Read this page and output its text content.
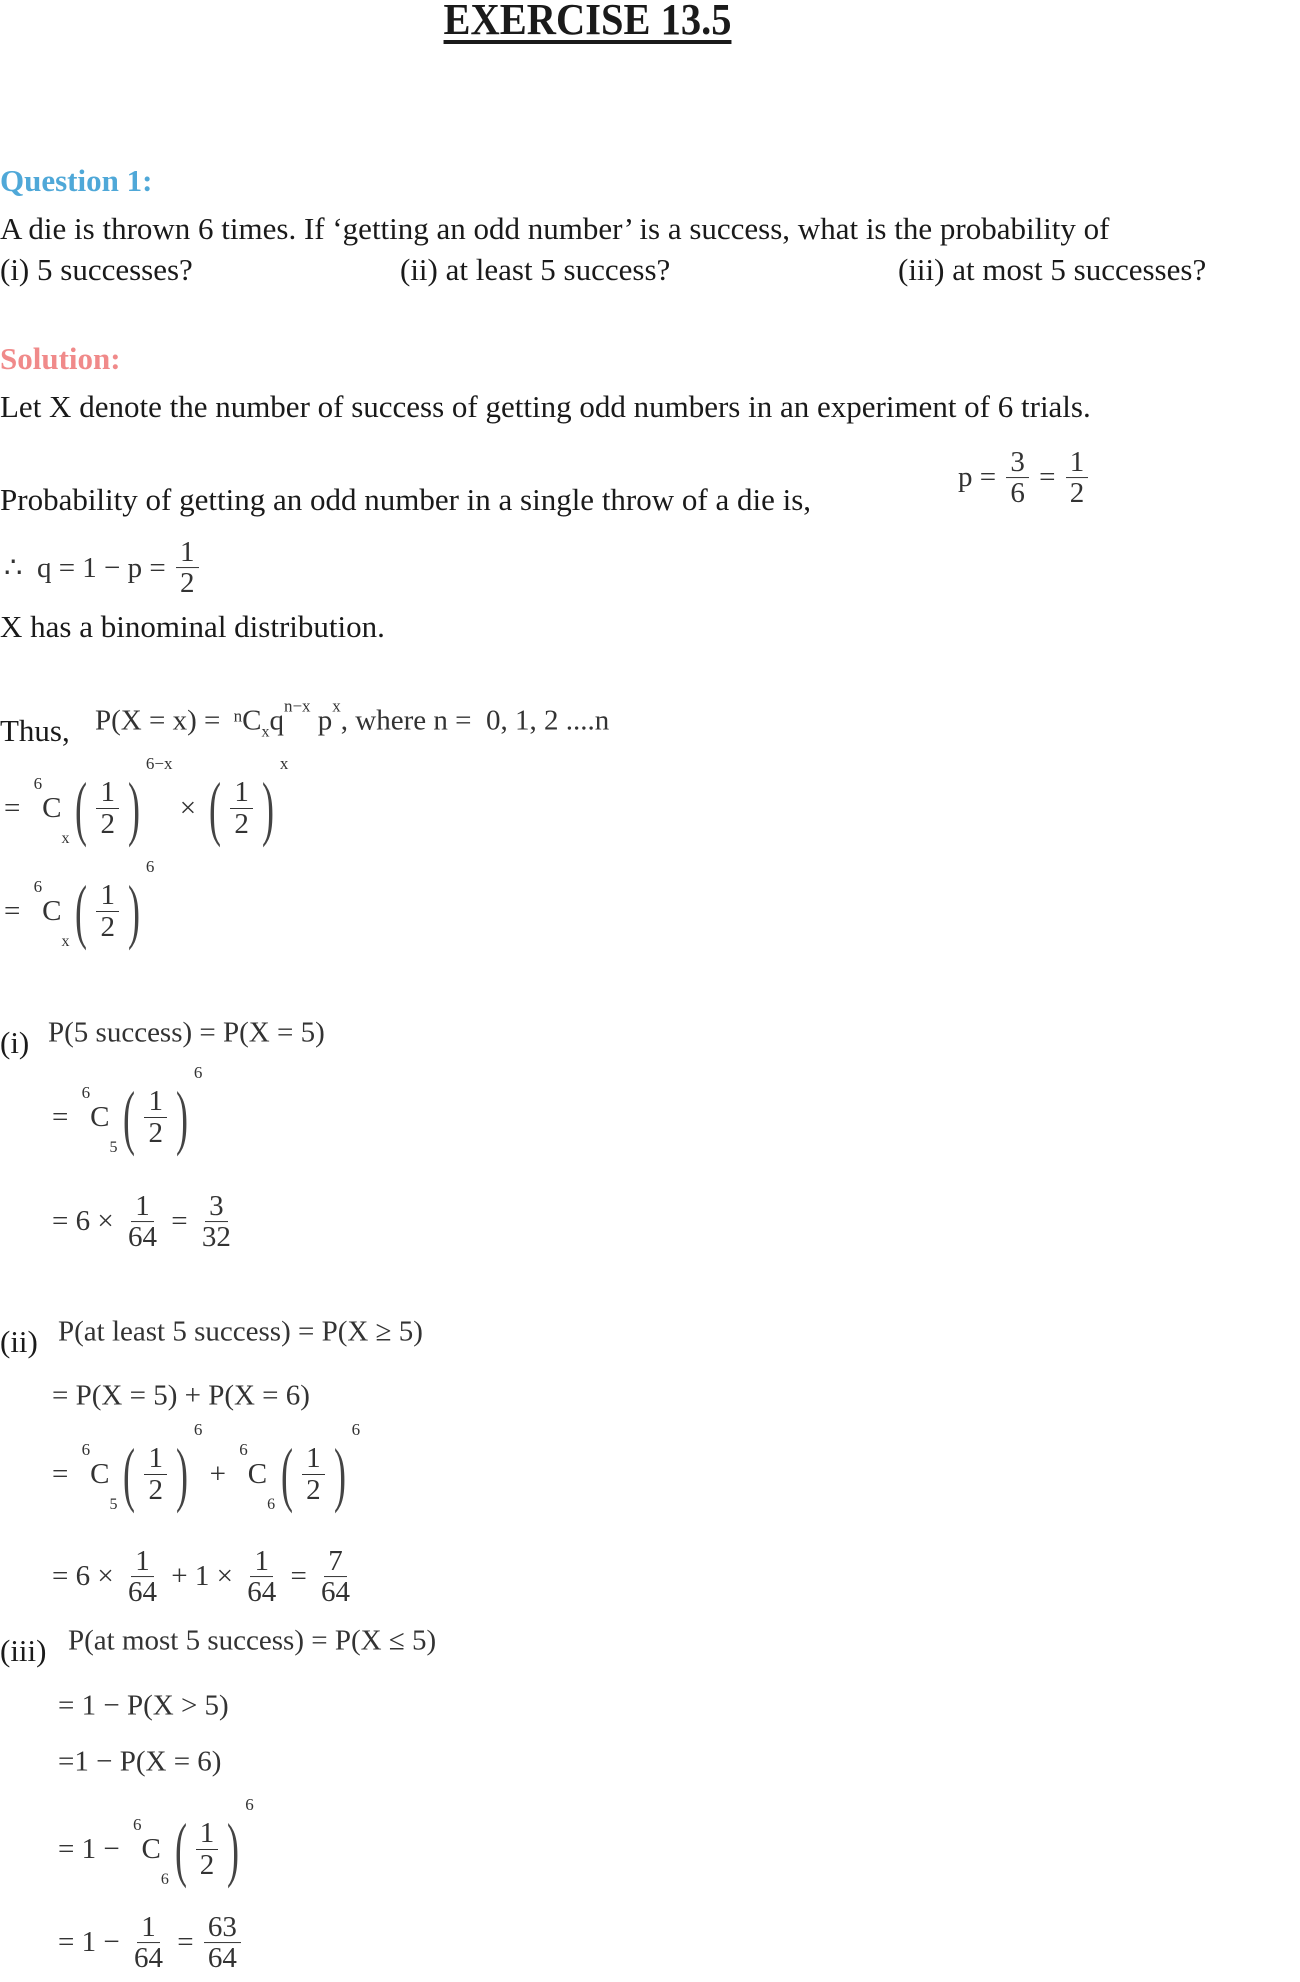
EXERCISE 13.5
Question 1:
A die is thrown 6 times. If ‘getting an odd number’ is a success, what is the probability of
(i) 5 successes?	(ii) at least 5 success?	(iii) at most 5 successes?
Solution:
Let X denote the number of success of getting odd numbers in an experiment of 6 trials.
Probability of getting an odd number in a single throw of a die is,
$p = \frac{3}{6} = \frac{1}{2}$
∴  $q = 1 - p = \frac{1}{2}$
X has a binominal distribution.
Thus, P(X = x) = n C x q n−x p x , where n =  0, 1, 2 ....n
=
6
C
x ( $\frac{1}{2}$ )
6−x
× ( $\frac{1}{2}$ )
x
=
6
C
x ( $\frac{1}{2}$ )
6
(i) P(5 success) = P(X = 5)
=
6
C
5 ( $\frac{1}{2}$ )
6
= $6 \times \frac{1}{64} = \frac{3}{32}$
(ii) P(at least 5 success) = P(X ≥ 5)
= P(X = 5) + P(X = 6)
=
6
C
5 ( $\frac{1}{2}$ )
6
+
6
C
6 ( $\frac{1}{2}$ )
6
= $6 \times \frac{1}{64} + 1 \times \frac{1}{64} = \frac{7}{64}$
(iii) P(at most 5 success) = P(X ≤ 5)
= 1 − P(X > 5)
=1 − P(X = 6)
= 1 −
6
C
6 ( $\frac{1}{2}$ )
6
= $1 - \frac{1}{64} = \frac{63}{64}$
